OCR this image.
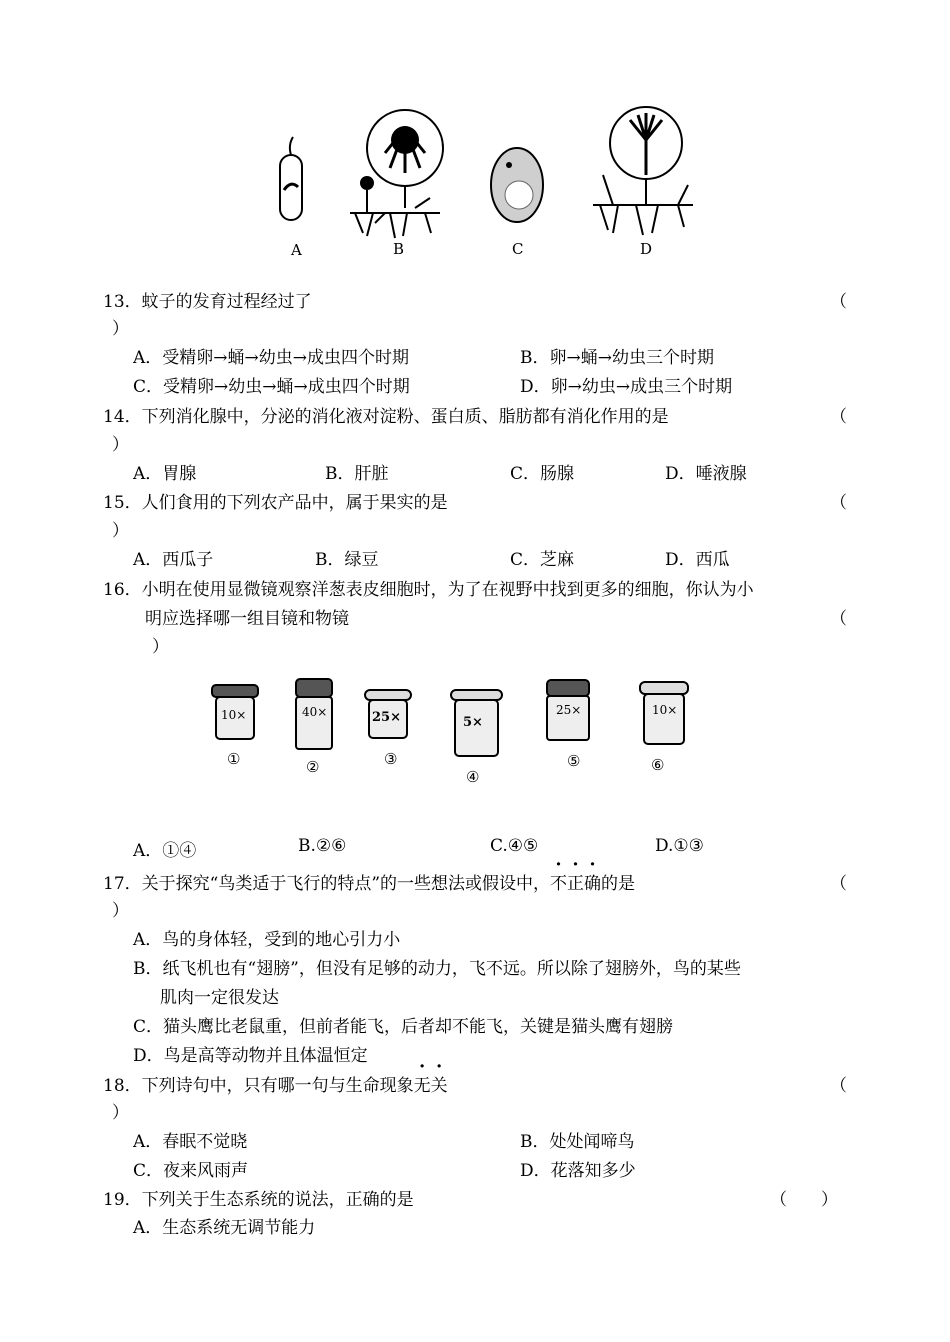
A	B	C	D
13．蚊子的发育过程经过了	（
）
A．受精卵→蛹→幼虫→成虫四个时期	B．卵→蛹→幼虫三个时期
C．受精卵→幼虫→蛹→成虫四个时期	D．卵→幼虫→成虫三个时期
14．下列消化腺中，分泌的消化液对淀粉、蛋白质、脂肪都有消化作用的是	（
）
A．胃腺	B．肝脏	C．肠腺	D．唾液腺
15．人们食用的下列农产品中，属于果实的是	（
）
A．西瓜子	B．绿豆	C．芝麻	D．西瓜
16．小明在使用显微镜观察洋葱表皮细胞时，为了在视野中找到更多的细胞，你认为小
明应选择哪一组目镜和物镜	（
）
10×
①
40×
②
25×
③
5×
④
25×
⑤
10×
⑥
A．①④	B.②⑥	C.④⑤	D.①③
17．关于探究“鸟类适于飞行的特点”的一些想法或假设中，不正确的是	（
）
A．鸟的身体轻，受到的地心引力小
B．纸飞机也有“翅膀”，但没有足够的动力，飞不远。所以除了翅膀外，鸟的某些
肌肉一定很发达
C．猫头鹰比老鼠重，但前者能飞，后者却不能飞，关键是猫头鹰有翅膀
D．鸟是高等动物并且体温恒定
18．下列诗句中，只有哪一句与生命现象无关	（
）
A．春眠不觉晓	B．处处闻啼鸟
C．夜来风雨声	D．花落知多少
19．下列关于生态系统的说法，正确的是	（　　）
A．生态系统无调节能力
